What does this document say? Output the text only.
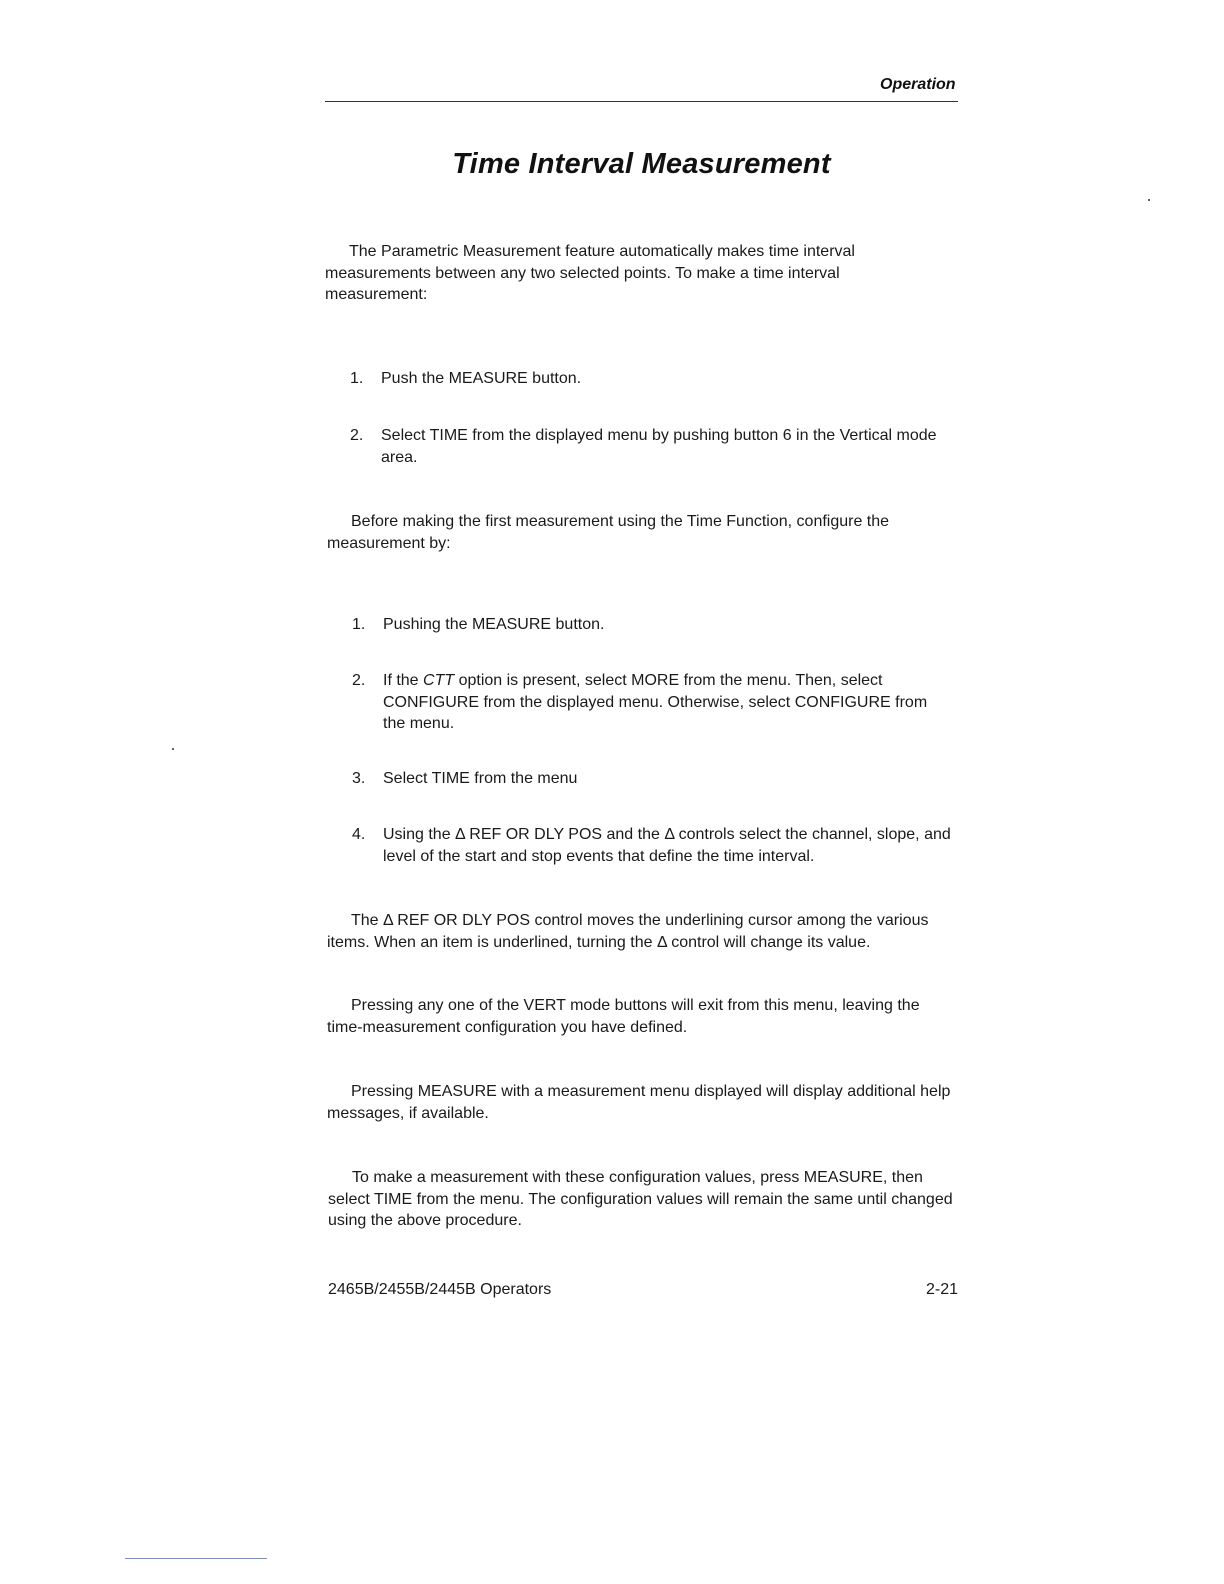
Operation
Time Interval Measurement
The Parametric Measurement feature automatically makes time interval measurements between any two selected points. To make a time interval measurement:
1. Push the MEASURE button.
2. Select TIME from the displayed menu by pushing button 6 in the Vertical mode area.
Before making the first measurement using the Time Function, configure the measurement by:
1. Pushing the MEASURE button.
2. If the CTT option is present, select MORE from the menu. Then, select CONFIGURE from the displayed menu. Otherwise, select CONFIGURE from the menu.
3. Select TIME from the menu
4. Using the Δ REF OR DLY POS and the Δ controls select the channel, slope, and level of the start and stop events that define the time interval.
The Δ REF OR DLY POS control moves the underlining cursor among the various items. When an item is underlined, turning the Δ control will change its value.
Pressing any one of the VERT mode buttons will exit from this menu, leaving the time-measurement configuration you have defined.
Pressing MEASURE with a measurement menu displayed will display additional help messages, if available.
To make a measurement with these configuration values, press MEASURE, then select TIME from the menu. The configuration values will remain the same until changed using the above procedure.
2465B/2455B/2445B Operators	2-21
